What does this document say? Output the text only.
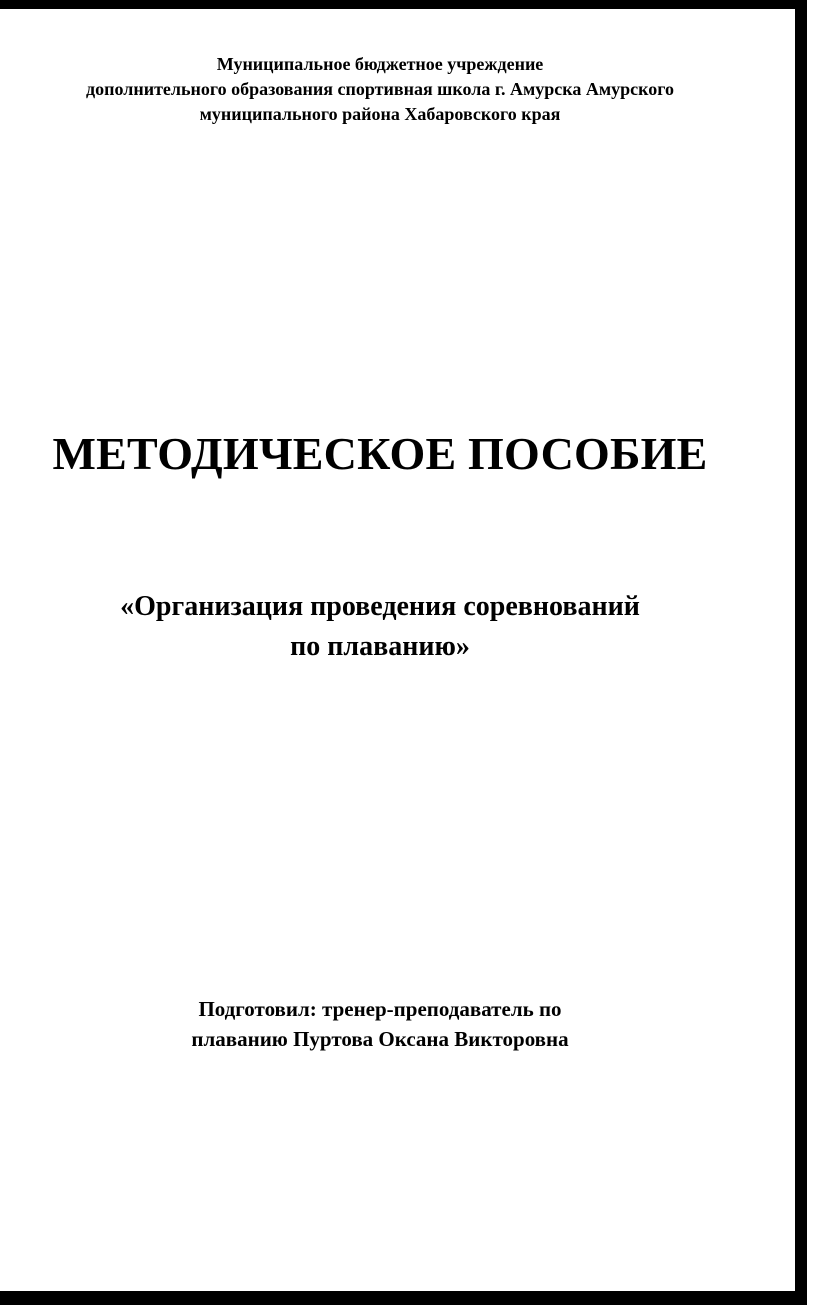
Муниципальное бюджетное учреждение
дополнительного образования спортивная школа г. Амурска Амурского
муниципального района Хабаровского края
МЕТОДИЧЕСКОЕ ПОСОБИЕ
«Организация проведения соревнований
по плаванию»
Подготовил: тренер-преподаватель по
плаванию Пуртова Оксана Викторовна
